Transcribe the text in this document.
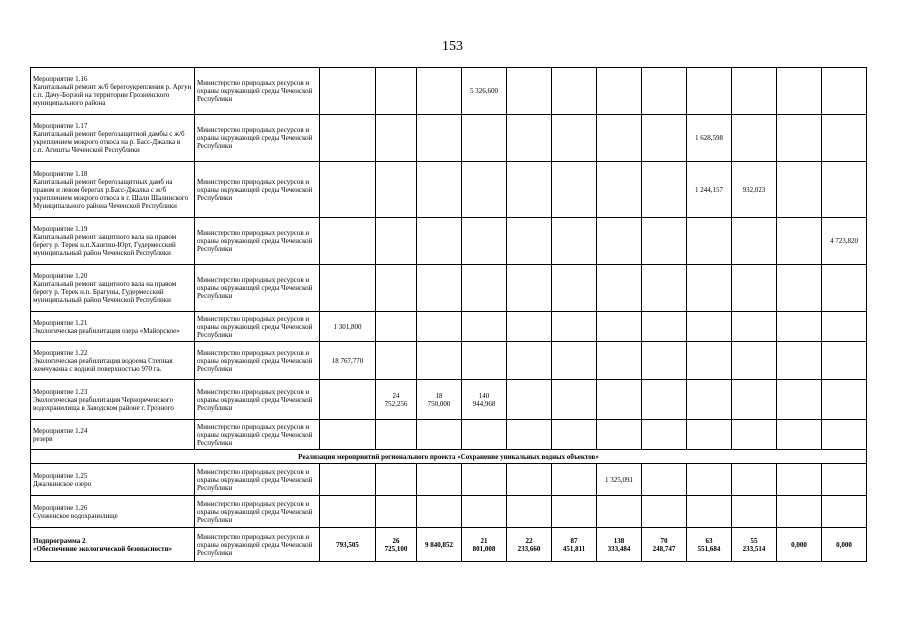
153
Мероприятие 1.16
Капитальный ремонт ж/б берегоукрепления р. Аргун с.п. Дачу-Борзой на территории Грозненского муниципального района	Министерство природных ресурсов и охраны окружающей среды Чеченской Республики				5 326,600								

Мероприятие 1.17
Капитальный ремонт берегозащитной дамбы с ж/б укреплением мокрого откоса на р. Басс-Джалка в с.п. Агишты Чеченской Республики	Министерство природных ресурсов и охраны окружающей среды Чеченской Республики									1 628,598			

Мероприятие 1.18
Капитальный ремонт берегозащитных дамб на правом и левом берегах р.Басс-Джалка с ж/б укреплением мокрого откоса в г. Шали Шалинского Муниципального района Чеченской Республики	Министерство природных ресурсов и охраны окружающей среды Чеченской Республики									1 244,157	932,023		

Мероприятие 1.19
Капитальный ремонт защитного вала на правом берегу р. Терек н.п.Хангиш-Юрт, Гудермесский муниципальный район Чеченской Республики	Министерство природных ресурсов и охраны окружающей среды Чеченской Республики												4 723,820

Мероприятие 1.20
Капитальный ремонт защитного вала на правом берегу р. Терек н.п. Брагуны, Гудермесский муниципальный район Чеченской Республики	Министерство природных ресурсов и охраны окружающей среды Чеченской Республики												

Мероприятие 1.21
Экологическая реабилитация озера «Майорское»	Министерство природных ресурсов и охраны окружающей среды Чеченской Республики	1 301,800											

Мероприятие 1.22
Экологическая реабилитация водоема Степная жемчужина с водной поверхностью 970 га.	Министерство природных ресурсов и охраны окружающей среды Чеченской Республики	18 767,770											

Мероприятие 1.23
Экологическая реабилитация Чернореченского водохранилища в Заводском районе г. Грозного	Министерство природных ресурсов и охраны окружающей среды Чеченской Республики		24
752,256	18
750,000	140
944,968								

Мероприятие 1.24
резерв	Министерство природных ресурсов и охраны окружающей среды Чеченской Республики												
Реализация мероприятий регионального проекта «Сохранение уникальных водных объектов»													

Мероприятие 1.25
Джалкинское озеро	Министерство природных ресурсов и охраны окружающей среды Чеченской Республики							1 325,091					

Мероприятие 1.26
Сунженское водохранилище	Министерство природных ресурсов и охраны окружающей среды Чеченской Республики												

Подпрограмма 2
«Обеспечение экологической безопасности»	Министерство природных ресурсов и охраны окружающей среды Чеченской Республики	793,505	26
725,100	9 840,852	21
801,008	22
233,660	87
451,811	138
333,484	70
248,747	63
551,684	55
233,514	0,000	0,000
